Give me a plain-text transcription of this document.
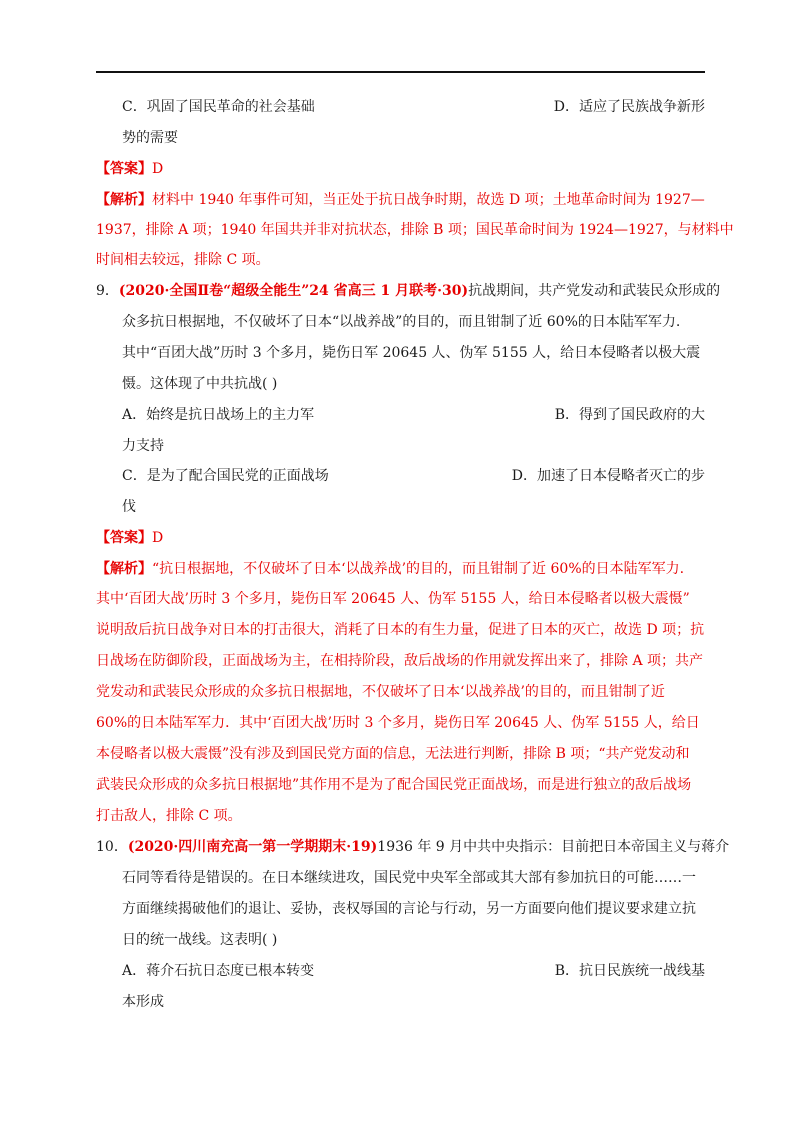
C．巩固了国民革命的社会基础	D．适应了民族战争新形
势的需要
【答案】D
【解析】材料中 1940 年事件可知，当正处于抗日战争时期，故选 D 项；土地革命时间为 1927—
1937，排除 A 项；1940 年国共并非对抗状态，排除 B 项；国民革命时间为 1924—1927，与材料中
时间相去较远，排除 C 项。
9．(2020·全国Ⅱ卷“超级全能生”24 省高三 1 月联考·30)抗战期间，共产党发动和武装民众形成的
众多抗日根据地，不仅破坏了日本“以战养战”的目的，而且钳制了近 60%的日本陆军军力.
其中“百团大战”历时 3 个多月，毙伤日军 20645 人、伪军 5155 人，给日本侵略者以极大震
慑。这体现了中共抗战( )
A．始终是抗日战场上的主力军	B．得到了国民政府的大
力支持
C．是为了配合国民党的正面战场	D．加速了日本侵略者灭亡的步
伐
【答案】D
【解析】“抗日根据地，不仅破坏了日本‘以战养战’的目的，而且钳制了近 60%的日本陆军军力.
其中‘百团大战’历时 3 个多月，毙伤日军 20645 人、伪军 5155 人，给日本侵略者以极大震慑”
说明敌后抗日战争对日本的打击很大，消耗了日本的有生力量，促进了日本的灭亡，故选 D 项；抗
日战场在防御阶段，正面战场为主，在相持阶段，敌后战场的作用就发挥出来了，排除 A 项；共产
党发动和武装民众形成的众多抗日根据地，不仅破坏了日本‘以战养战’的目的，而且钳制了近
60%的日本陆军军力．其中‘百团大战’历时 3 个多月，毙伤日军 20645 人、伪军 5155 人，给日
本侵略者以极大震慑”没有涉及到国民党方面的信息，无法进行判断，排除 B 项；“共产党发动和
武装民众形成的众多抗日根据地”其作用不是为了配合国民党正面战场，而是进行独立的敌后战场
打击敌人，排除 C 项。
10．(2020·四川南充高一第一学期期末·19)1936 年 9 月中共中央指示：目前把日本帝国主义与蒋介
石同等看待是错误的。在日本继续进攻，国民党中央军全部或其大部有参加抗日的可能……一
方面继续揭破他们的退让、妥协，丧权辱国的言论与行动，另一方面要向他们提议要求建立抗
日的统一战线。这表明( )
A．蒋介石抗日态度已根本转变	B．抗日民族统一战线基
本形成
